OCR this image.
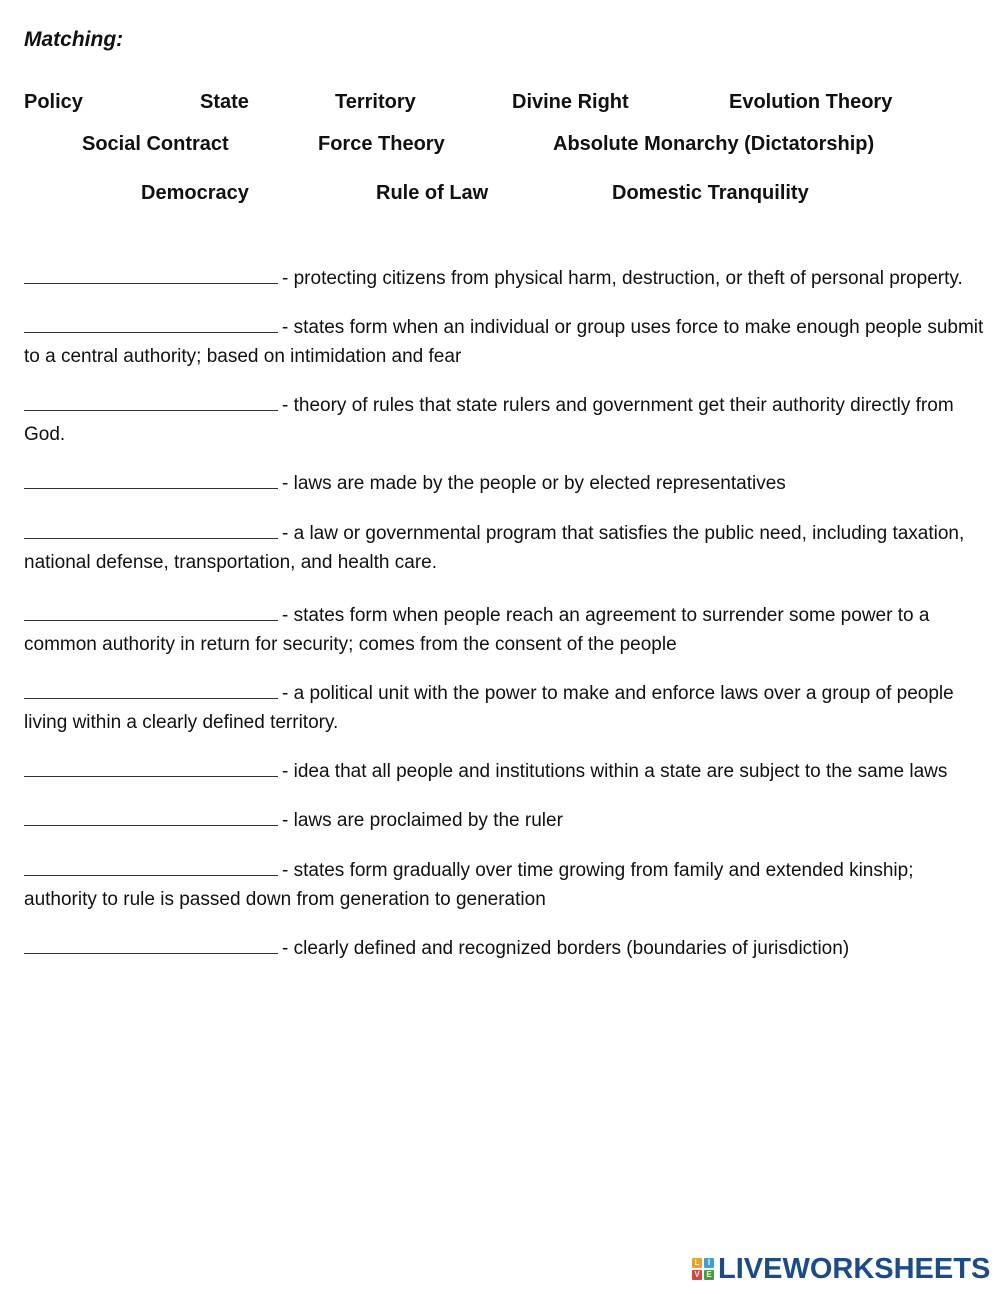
Matching:
Policy	State	Territory	Divine Right	Evolution Theory
Social Contract	Force Theory	Absolute Monarchy (Dictatorship)
Democracy	Rule of Law	Domestic Tranquility
- protecting citizens from physical harm, destruction, or theft of personal property.
- states form when an individual or group uses force to make enough people submit to a central authority; based on intimidation and fear
- theory of rules that state rulers and government get their authority directly from God.
- laws are made by the people or by elected representatives
- a law or governmental program that satisfies the public need, including taxation, national defense, transportation, and health care.
- states form when people reach an agreement to surrender some power to a common authority in return for security; comes from the consent of the people
- a political unit with the power to make and enforce laws over a group of people living within a clearly defined territory.
- idea that all people and institutions within a state are subject to the same laws
- laws are proclaimed by the ruler
- states form gradually over time growing from family and extended kinship; authority to rule is passed down from generation to generation
- clearly defined and recognized borders (boundaries of jurisdiction)
L	I
V E LIVEWORKSHEETS
